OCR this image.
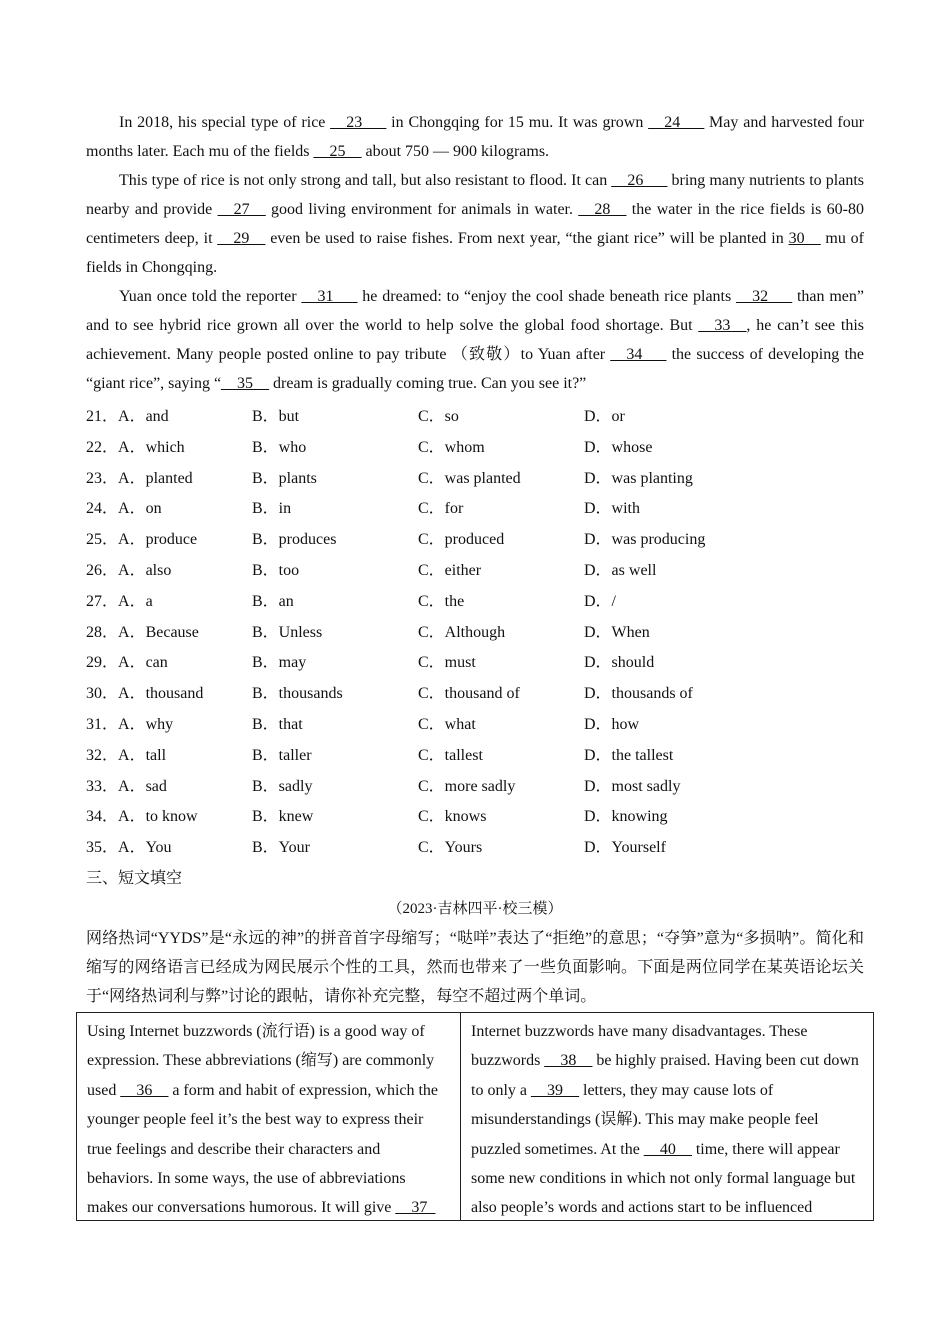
In 2018, his special type of rice __23___ in Chongqing for 15 mu. It was grown __24___ May and harvested four months later. Each mu of the fields __25__ about 750 — 900 kilograms.

This type of rice is not only strong and tall, but also resistant to flood. It can __26___ bring many nutrients to plants nearby and provide __27__ good living environment for animals in water. __28__ the water in the rice fields is 60-80 centimeters deep, it __29__ even be used to raise fishes. From next year, “the giant rice” will be planted in 30__ mu of fields in Chongqing.

Yuan once told the reporter __31___ he dreamed: to “enjoy the cool shade beneath rice plants __32___ than men” and to see hybrid rice grown all over the world to help solve the global food shortage. But __33__, he can’t see this achievement. Many people posted online to pay tribute （致敬）to Yuan after __34___ the success of developing the “giant rice”, saying “__35__ dream is gradually coming true. Can you see it?”

21．A．and	B．but	C．so	D．or
22．A．which	B．who	C．whom	D．whose
23．A．planted	B．plants	C．was planted	D．was planting
24．A．on	B．in	C．for	D．with
25．A．produce	B．produces	C．produced	D．was producing
26．A．also	B．too	C．either	D．as well
27．A．a	B．an	C．the	D．/
28．A．Because	B．Unless	C．Although	D．When
29．A．can	B．may	C．must	D．should
30．A．thousand	B．thousands	C．thousand of	D．thousands of
31．A．why	B．that	C．what	D．how
32．A．tall	B．taller	C．tallest	D．the tallest
33．A．sad	B．sadly	C．more sadly	D．most sadly
34．A．to know	B．knew	C．knows	D．knowing
35．A．You	B．Your	C．Yours	D．Yourself
三、短文填空
（2023·吉林四平·校三模）

网络热词“YYDS”是“永远的神”的拼音首字母缩写；“哒咩”表达了“拒绝”的意思；“夺笋”意为“多损呐”。简化和缩写的网络语言已经成为网民展示个性的工具，然而也带来了一些负面影响。下面是两位同学在某英语论坛关于“网络热词利与弊”讨论的跟帖，请你补充完整，每空不超过两个单词。

Using Internet buzzwords (流行语) is a good way of expression. These abbreviations (缩写) are commonly used __36__ a form and habit of expression, which the younger people feel it’s the best way to express their true feelings and describe their characters and behaviors. In some ways, the use of abbreviations makes our conversations humorous. It will give __37_
Internet buzzwords have many disadvantages. These buzzwords __38__ be highly praised. Having been cut down to only a __39__ letters, they may cause lots of misunderstandings (误解). This may make people feel puzzled sometimes. At the __40__ time, there will appear some new conditions in which not only formal language but also people’s words and actions start to be influenced
